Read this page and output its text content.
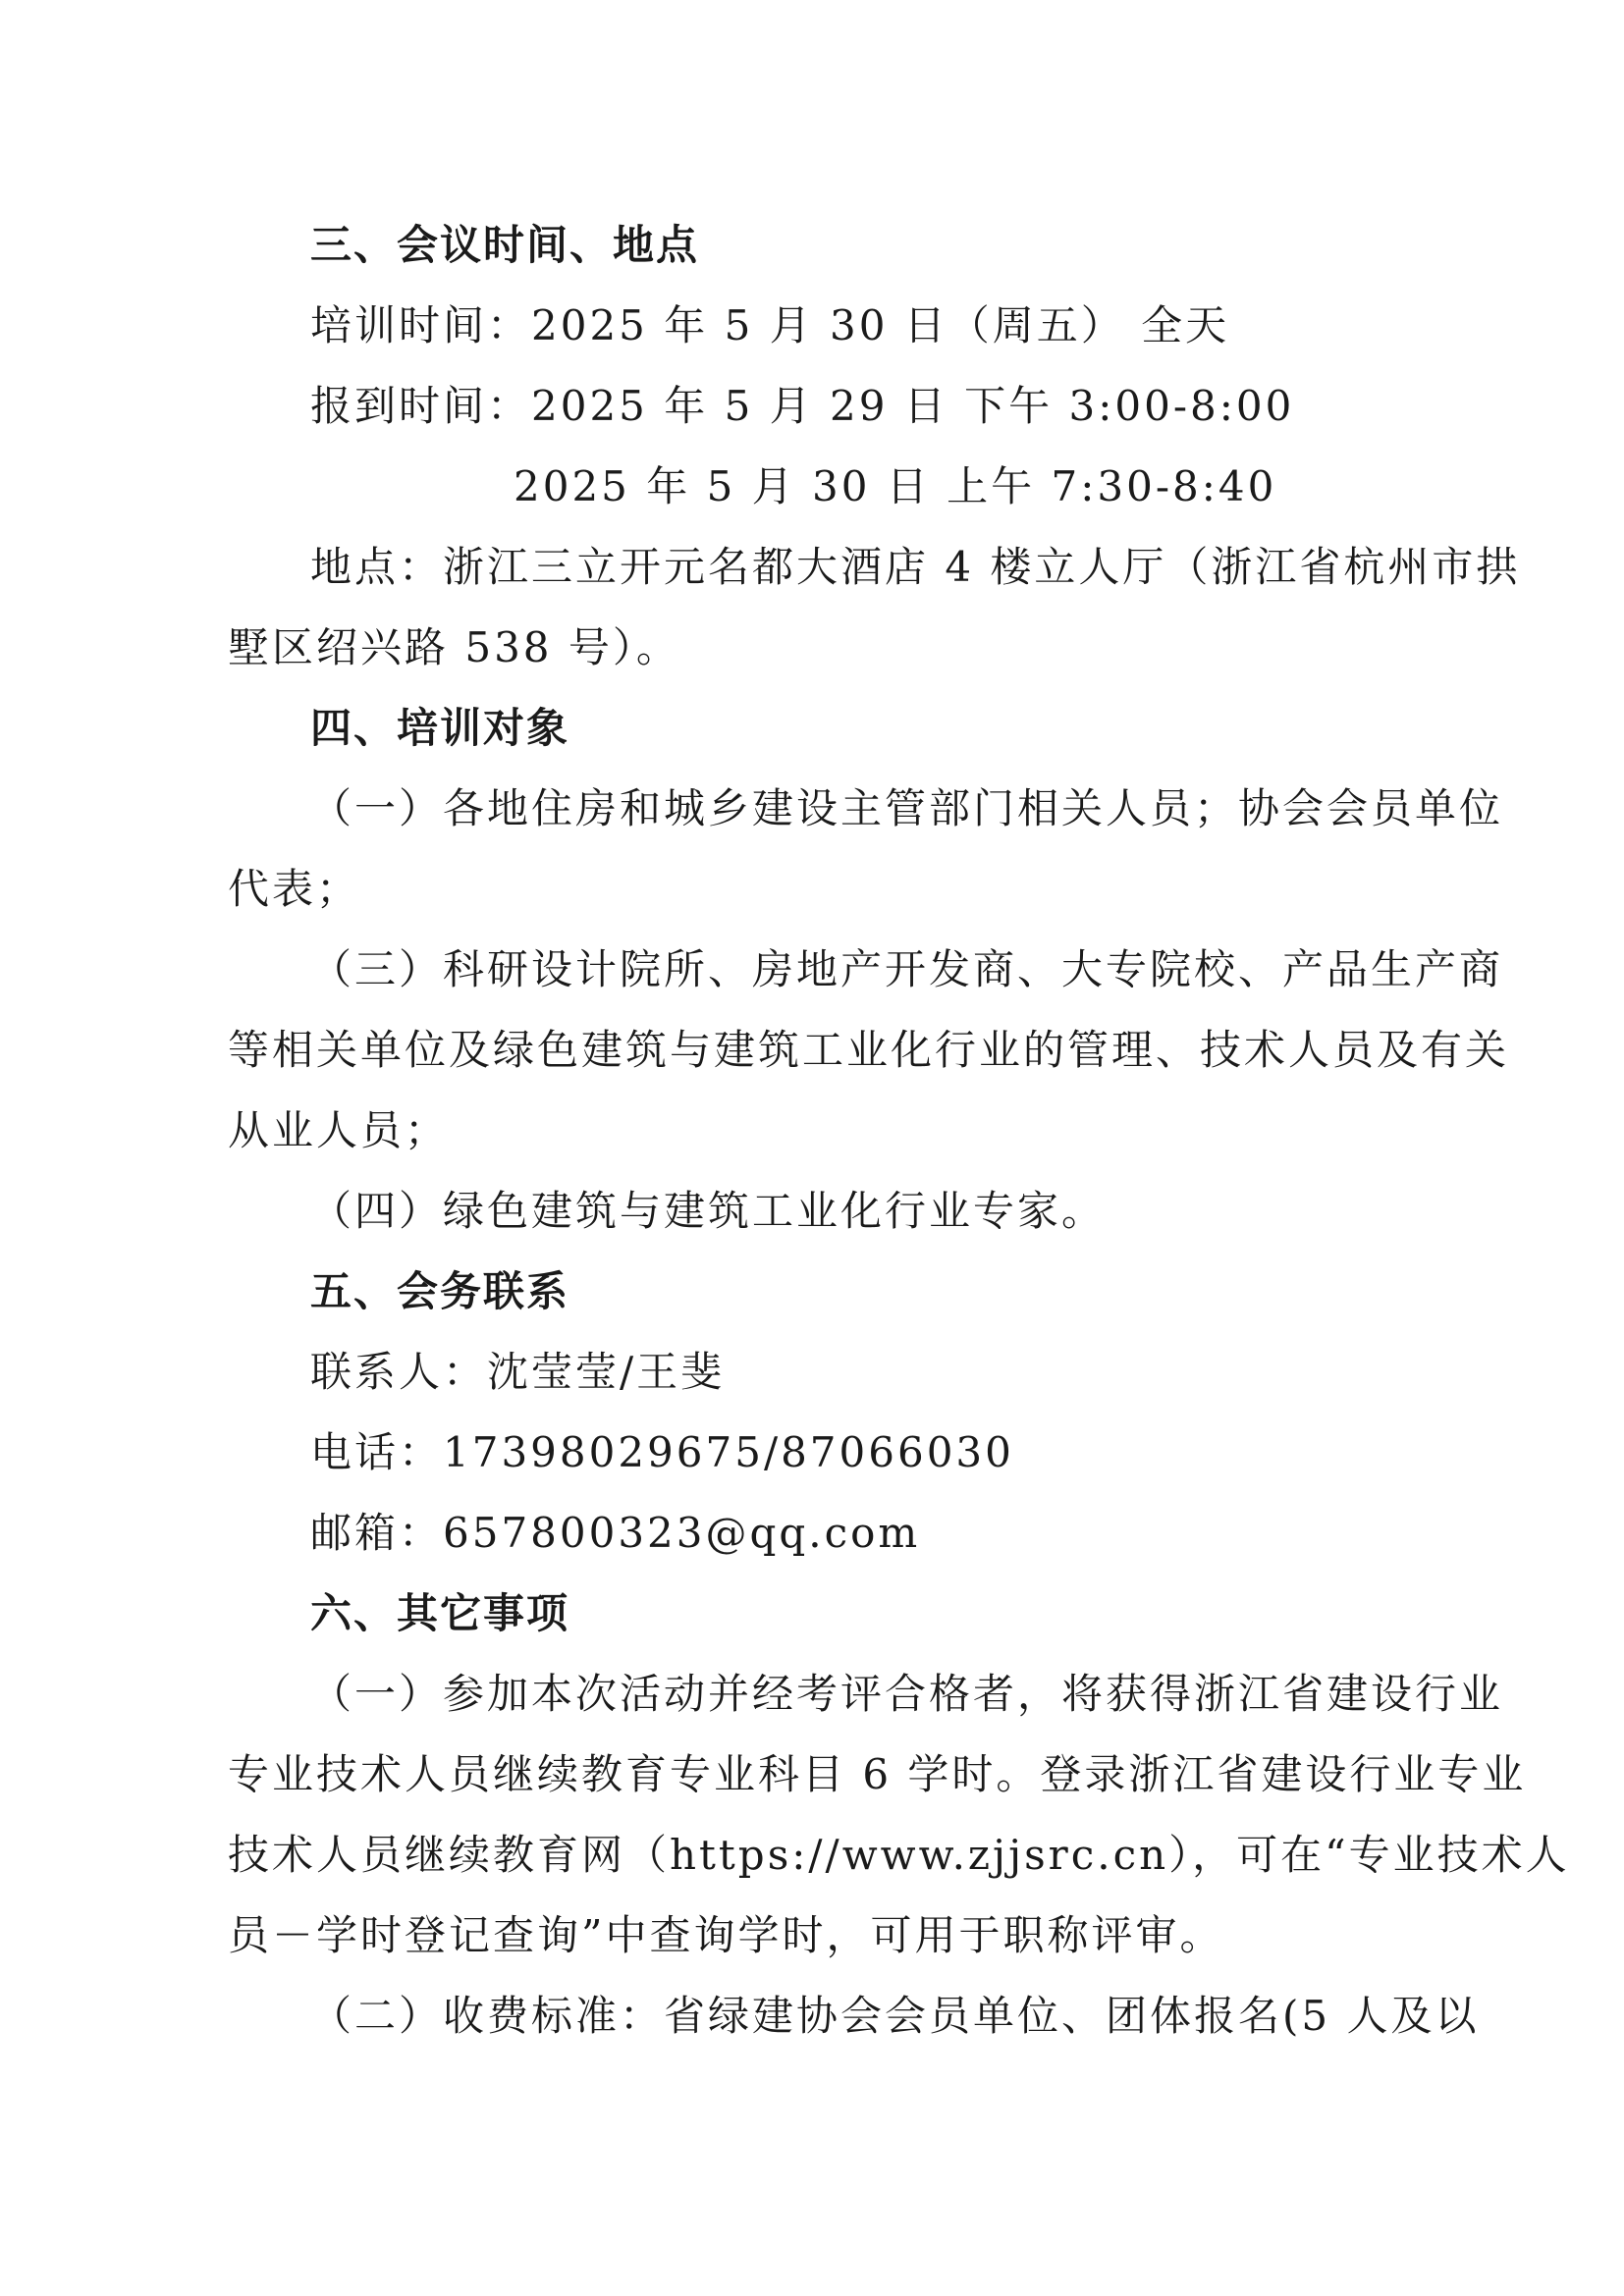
三、会议时间、地点
培训时间：2025 年 5 月 30 日（周五） 全天
报到时间：2025 年 5 月 29 日 下午 3:00-8:00
2025 年 5 月 30 日 上午 7:30-8:40
地点：浙江三立开元名都大酒店 4 楼立人厅（浙江省杭州市拱
墅区绍兴路 538 号）。
四、培训对象
（一）各地住房和城乡建设主管部门相关人员；协会会员单位
代表；
（三）科研设计院所、房地产开发商、大专院校、产品生产商
等相关单位及绿色建筑与建筑工业化行业的管理、技术人员及有关
从业人员；
（四）绿色建筑与建筑工业化行业专家。
五、会务联系
联系人：沈莹莹/王斐
电话：17398029675/87066030
邮箱：657800323@qq.com
六、其它事项
（一）参加本次活动并经考评合格者，将获得浙江省建设行业
专业技术人员继续教育专业科目 6 学时。登录浙江省建设行业专业
技术人员继续教育网（https://www.zjjsrc.cn），可在“专业技术人
员－学时登记查询”中查询学时，可用于职称评审。
（二）收费标准：省绿建协会会员单位、团体报名(5 人及以
